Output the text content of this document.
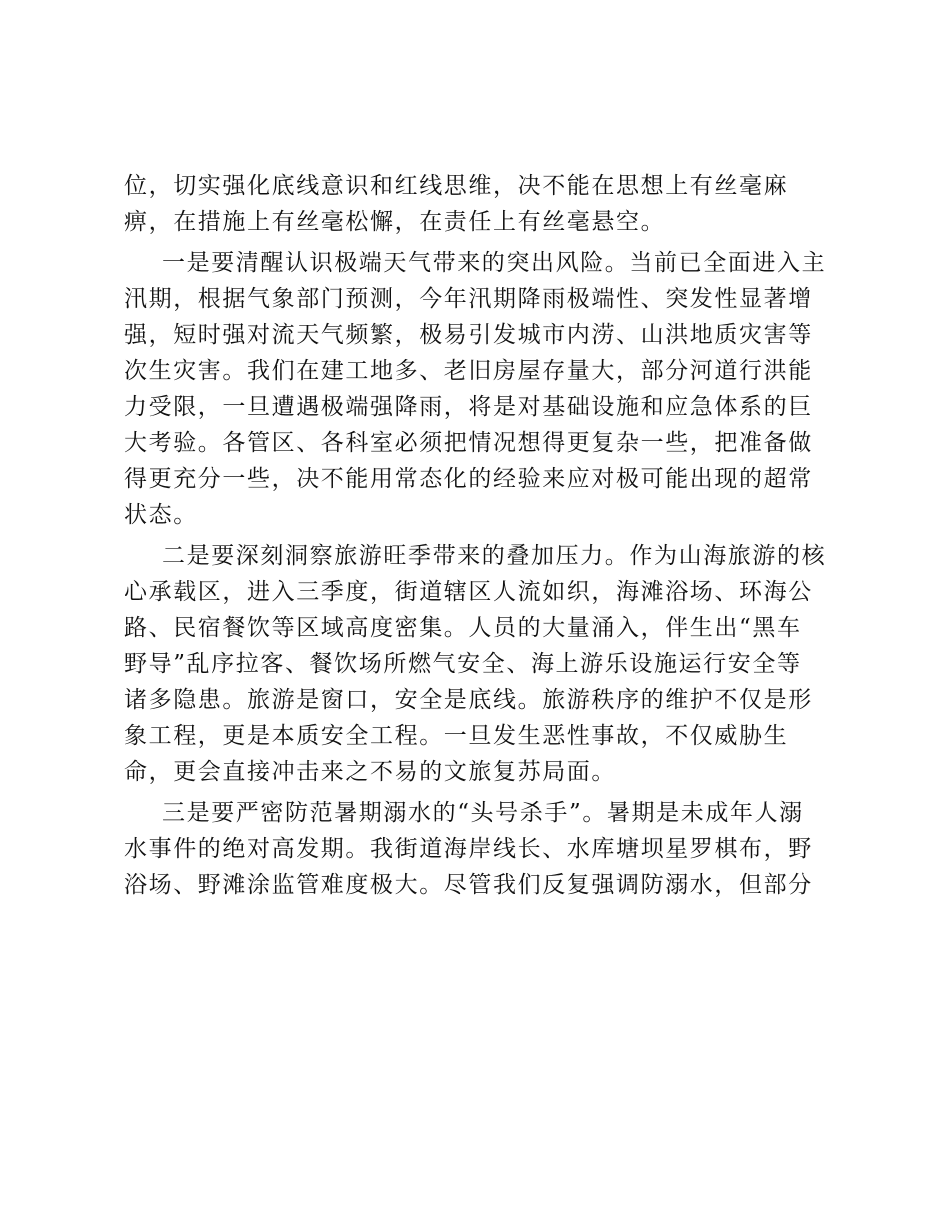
位，切实强化底线意识和红线思维，决不能在思想上有丝毫麻
痹，在措施上有丝毫松懈，在责任上有丝毫悬空。
一是要清醒认识极端天气带来的突出风险。当前已全面进入主
汛期，根据气象部门预测，今年汛期降雨极端性、突发性显著增
强，短时强对流天气频繁，极易引发城市内涝、山洪地质灾害等
次生灾害。我们在建工地多、老旧房屋存量大，部分河道行洪能
力受限，一旦遭遇极端强降雨，将是对基础设施和应急体系的巨
大考验。各管区、各科室必须把情况想得更复杂一些，把准备做
得更充分一些，决不能用常态化的经验来应对极可能出现的超常
状态。
二是要深刻洞察旅游旺季带来的叠加压力。作为山海旅游的核
心承载区，进入三季度，街道辖区人流如织，海滩浴场、环海公
路、民宿餐饮等区域高度密集。人员的大量涌入，伴生出“黑车
野导”乱序拉客、餐饮场所燃气安全、海上游乐设施运行安全等
诸多隐患。旅游是窗口，安全是底线。旅游秩序的维护不仅是形
象工程，更是本质安全工程。一旦发生恶性事故，不仅威胁生
命，更会直接冲击来之不易的文旅复苏局面。
三是要严密防范暑期溺水的“头号杀手”。暑期是未成年人溺
水事件的绝对高发期。我街道海岸线长、水库塘坝星罗棋布，野
浴场、野滩涂监管难度极大。尽管我们反复强调防溺水，但部分
